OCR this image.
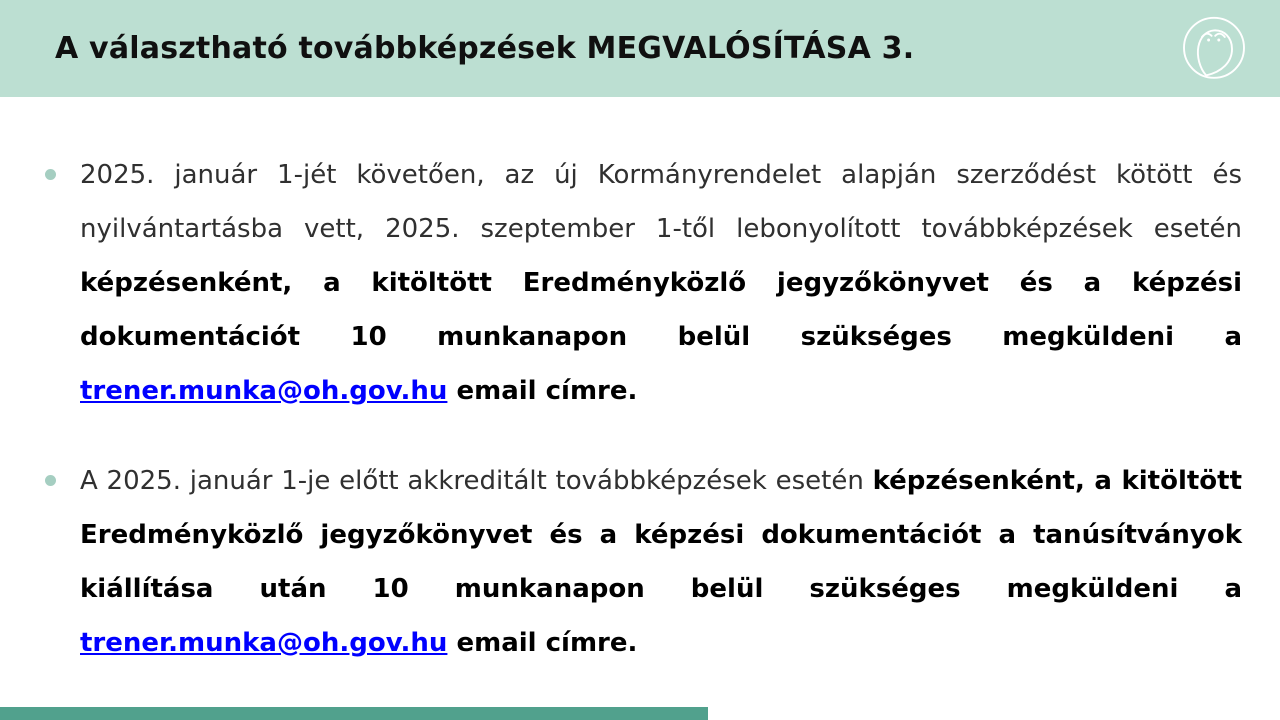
A választható továbbképzések MEGVALÓSÍTÁSA 3.

2025. január 1-jét követően, az új Kormányrendelet alapján szerződést kötött és nyilvántartásba vett, 2025. szeptember 1-től lebonyolított továbbképzések esetén képzésenként, a kitöltött Eredményközlő jegyzőkönyvet és a képzési dokumentációt 10 munkanapon belül szükséges megküldeni a trener.munka@oh.gov.hu email címre.

A 2025. január 1-je előtt akkreditált továbbképzések esetén képzésenként, a kitöltött Eredményközlő jegyzőkönyvet és a képzési dokumentációt a tanúsítványok kiállítása után 10 munkanapon belül szükséges megküldeni a trener.munka@oh.gov.hu email címre.
